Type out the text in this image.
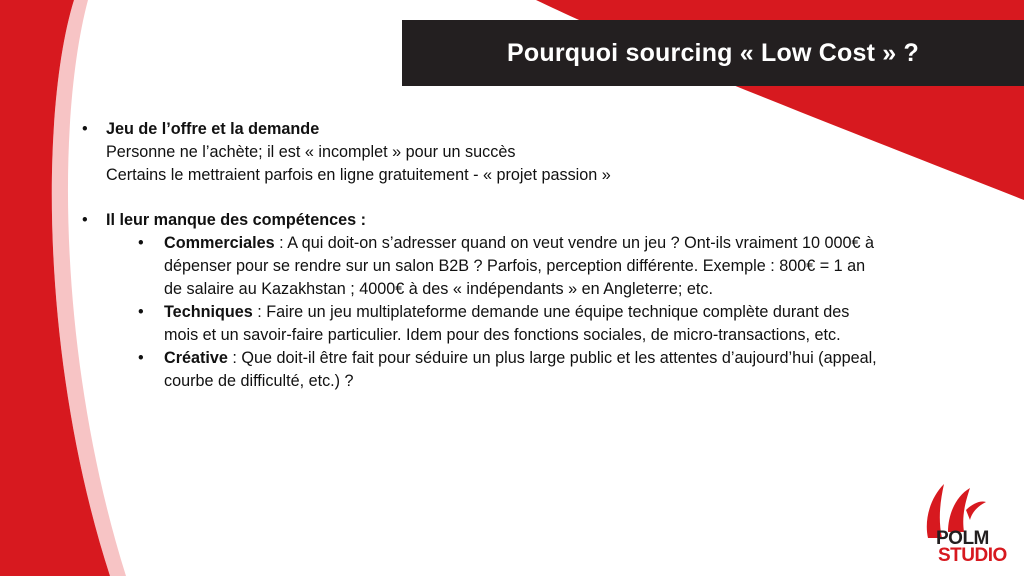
Pourquoi sourcing « Low Cost » ?
• Jeu de l’offre et la demande
Personne ne l’achète; il est « incomplet » pour un succès
Certains le mettraient parfois en ligne gratuitement - « projet passion »
• Il leur manque des compétences :
• Commerciales : A qui doit-on s’adresser quand on veut vendre un jeu ? Ont-ils vraiment 10 000€ à dépenser pour se rendre sur un salon B2B ? Parfois, perception différente. Exemple : 800€ = 1 an de salaire au Kazakhstan ; 4000€ à des « indépendants » en Angleterre; etc.
• Techniques : Faire un jeu multiplateforme demande une équipe technique complète durant des mois et un savoir-faire particulier. Idem pour des fonctions sociales, de micro-transactions, etc.
• Créative : Que doit-il être fait pour séduire un plus large public et les attentes d’aujourd’hui (appeal, courbe de difficulté, etc.) ?
POLM
STUDIO
